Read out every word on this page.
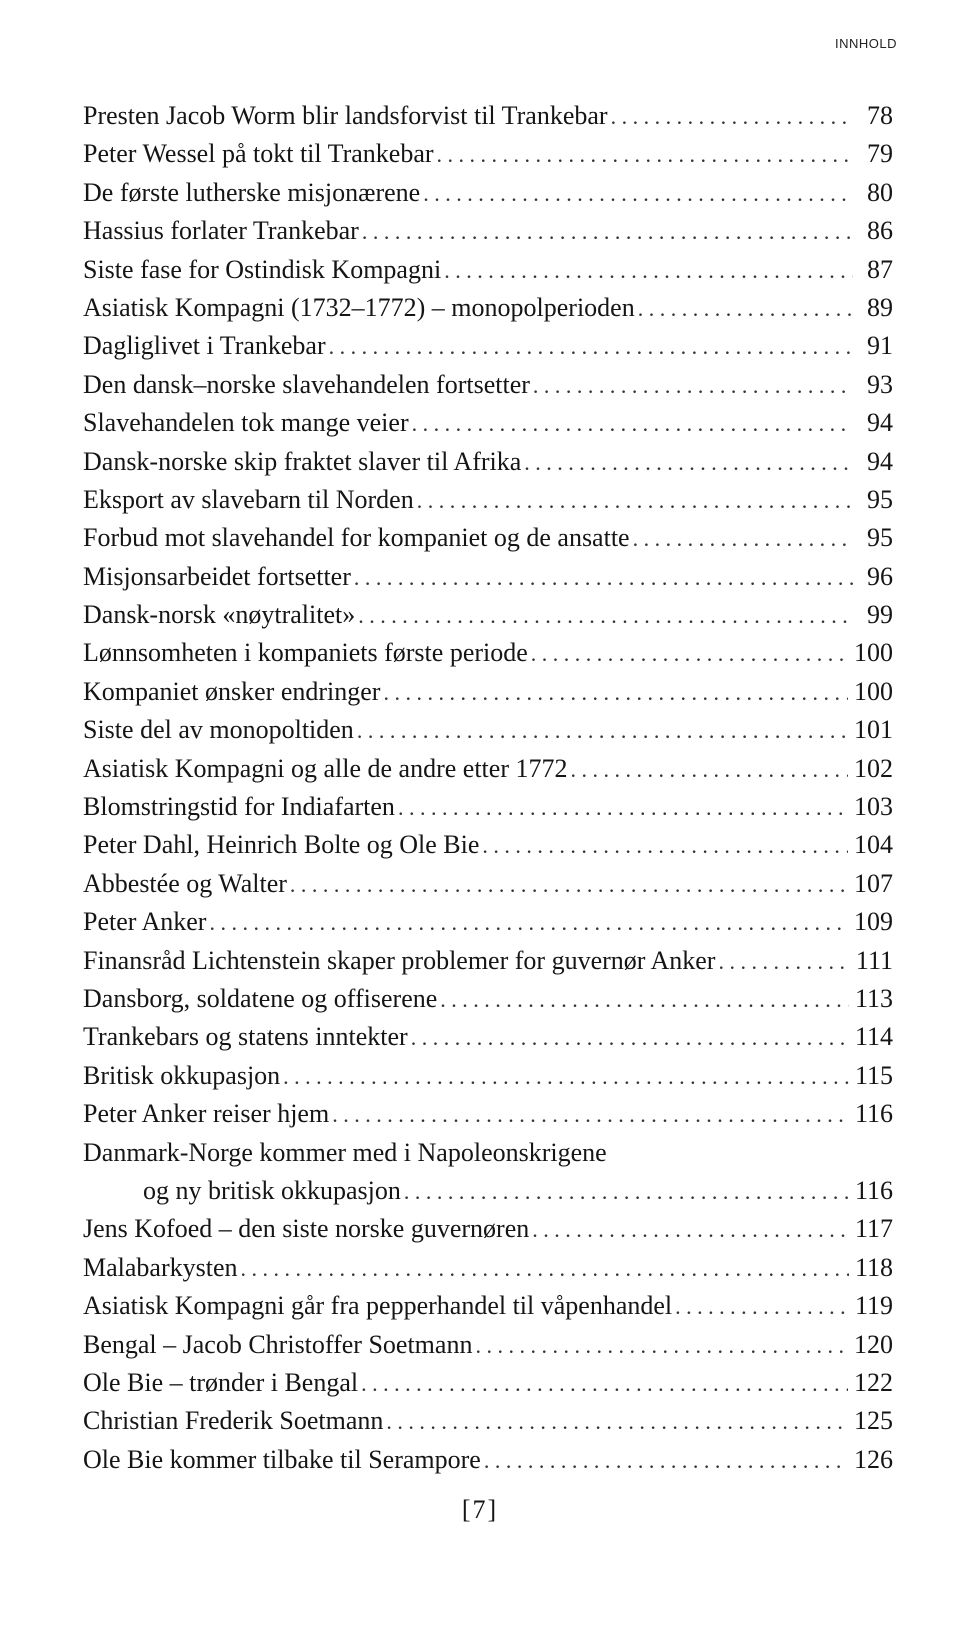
INNHOLD
Presten Jacob Worm blir landsforvist til Trankebar . . .	78
Peter Wessel på tokt til Trankebar . . .	79
De første lutherske misjonærene . . .	80
Hassius forlater Trankebar . . .	86
Siste fase for Ostindisk Kompagni . . .	87
Asiatisk Kompagni (1732–1772) – monopolperioden . . .	89
Dagliglivet i Trankebar . . .	91
Den dansk–norske slavehandelen fortsetter . . .	93
Slavehandelen tok mange veier . . .	94
Dansk-norske skip fraktet slaver til Afrika . . .	94
Eksport av slavebarn til Norden . . .	95
Forbud mot slavehandel for kompaniet og de ansatte . . .	95
Misjonsarbeidet fortsetter . . .	96
Dansk-norsk «nøytralitet» . . .	99
Lønnsomheten i kompaniets første periode . . .	100
Kompaniet ønsker endringer . . .	100
Siste del av monopoltiden . . .	101
Asiatisk Kompagni og alle de andre etter 1772 . . .	102
Blomstringstid for Indiafarten . . .	103
Peter Dahl, Heinrich Bolte og Ole Bie . . .	104
Abbestée og Walter . . .	107
Peter Anker . . .	109
Finansråd Lichtenstein skaper problemer for guvernør Anker . . .	111
Dansborg, soldatene og offiserene . . .	113
Trankebars og statens inntekter . . .	114
Britisk okkupasjon . . .	115
Peter Anker reiser hjem . . .	116
Danmark-Norge kommer med i Napoleonskrigene
og ny britisk okkupasjon . . .	116
Jens Kofoed – den siste norske guvernøren . . .	117
Malabarkysten . . .	118
Asiatisk Kompagni går fra pepperhandel til våpenhandel . . .	119
Bengal – Jacob Christoffer Soetmann . . .	120
Ole Bie – trønder i Bengal . . .	122
Christian Frederik Soetmann . . .	125
Ole Bie kommer tilbake til Serampore . . .	126
[7]
